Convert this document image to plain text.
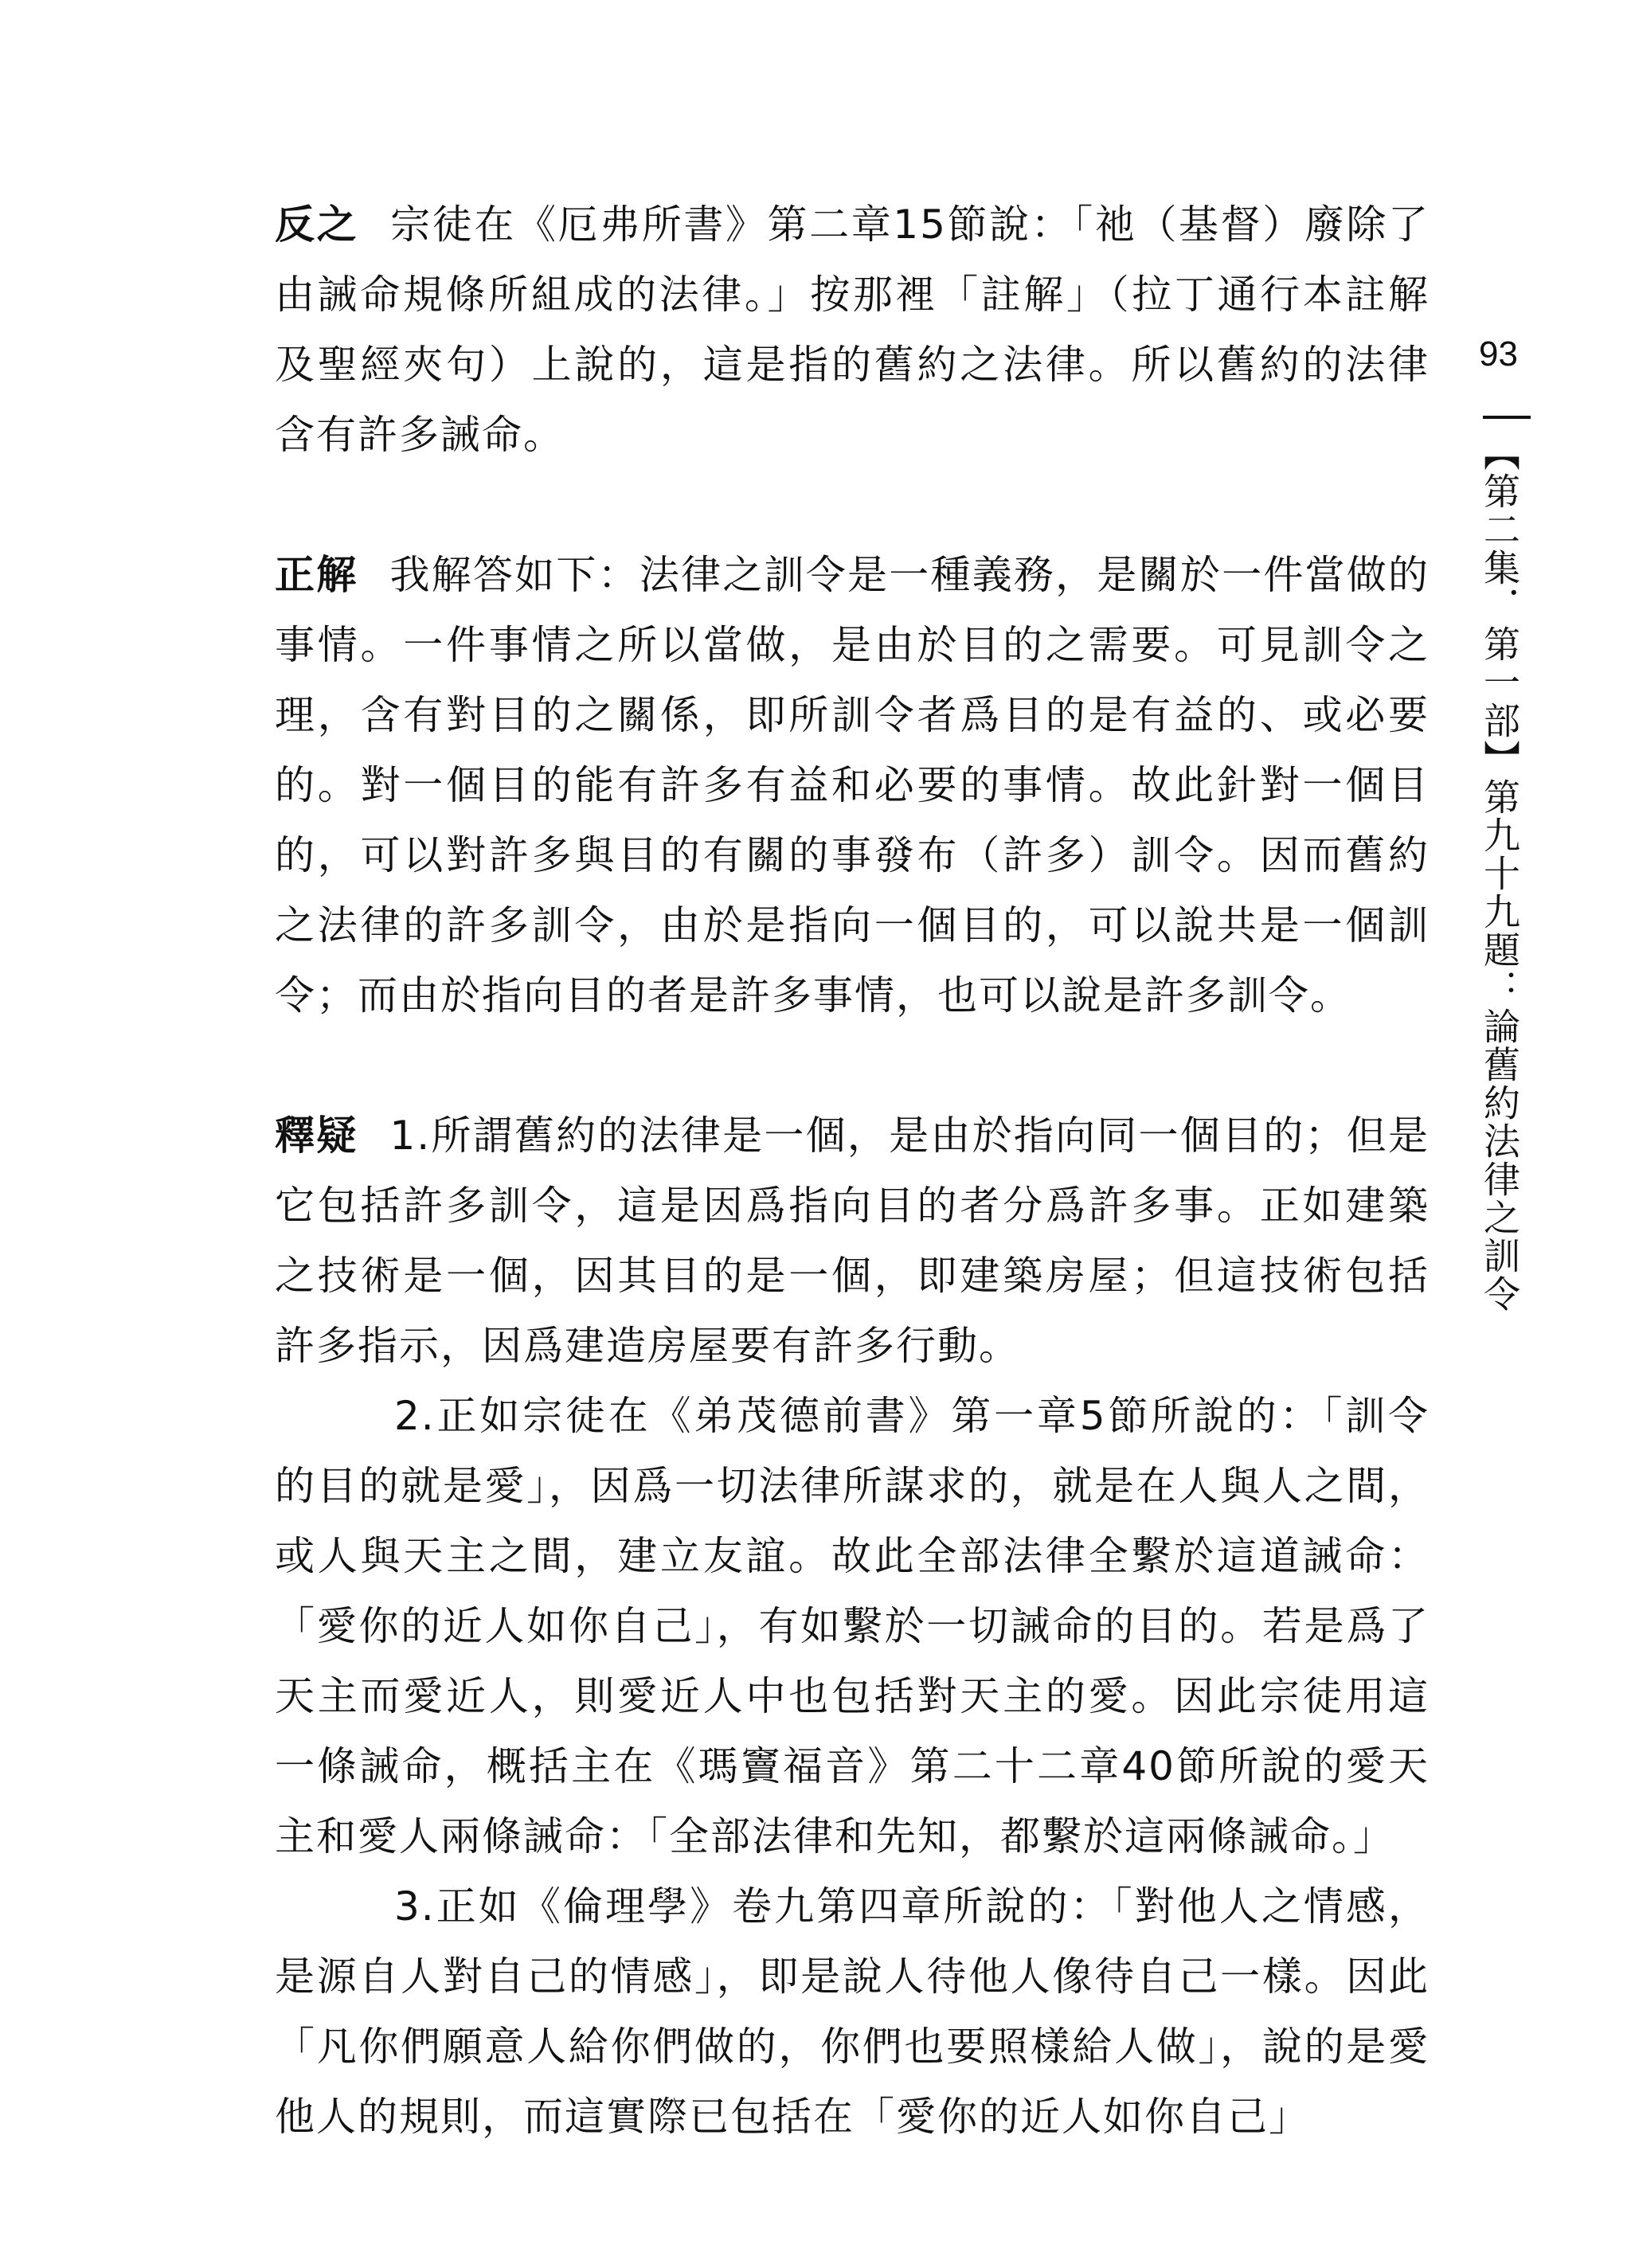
反之 宗徒在《厄弗所書》第二章15節說：「祂（基督）廢除了由誡命規條所組成的法律。」按那裡「註解」（拉丁通行本註解及聖經夾句）上說的，這是指的舊約之法律。所以舊約的法律含有許多誡命。

正解 我解答如下：法律之訓令是一種義務，是關於一件當做的事情。一件事情之所以當做，是由於目的之需要。可見訓令之理，含有對目的之關係，即所訓令者爲目的是有益的、或必要的。對一個目的能有許多有益和必要的事情。故此針對一個目的，可以對許多與目的有關的事發布（許多）訓令。因而舊約之法律的許多訓令，由於是指向一個目的，可以說共是一個訓令；而由於指向目的者是許多事情，也可以說是許多訓令。

釋疑 1.所謂舊約的法律是一個，是由於指向同一個目的；但是它包括許多訓令，這是因爲指向目的者分爲許多事。正如建築之技術是一個，因其目的是一個，即建築房屋；但這技術包括許多指示，因爲建造房屋要有許多行動。

2.正如宗徒在《弟茂德前書》第一章5節所說的：「訓令的目的就是愛」，因爲一切法律所謀求的，就是在人與人之間，或人與天主之間，建立友誼。故此全部法律全繫於這道誡命：「愛你的近人如你自己」，有如繫於一切誡命的目的。若是爲了天主而愛近人，則愛近人中也包括對天主的愛。因此宗徒用這一條誡命，概括主在《瑪竇福音》第二十二章40節所說的愛天主和愛人兩條誡命：「全部法律和先知，都繫於這兩條誡命。」

3.正如《倫理學》卷九第四章所說的：「對他人之情感，是源自人對自己的情感」，即是說人待他人像待自己一樣。因此「凡你們願意人給你們做的，你們也要照樣給人做」，說的是愛他人的規則，而這實際已包括在「愛你的近人如你自己」

93
【第二集．第一部】第九十九題：論舊約法律之訓令
